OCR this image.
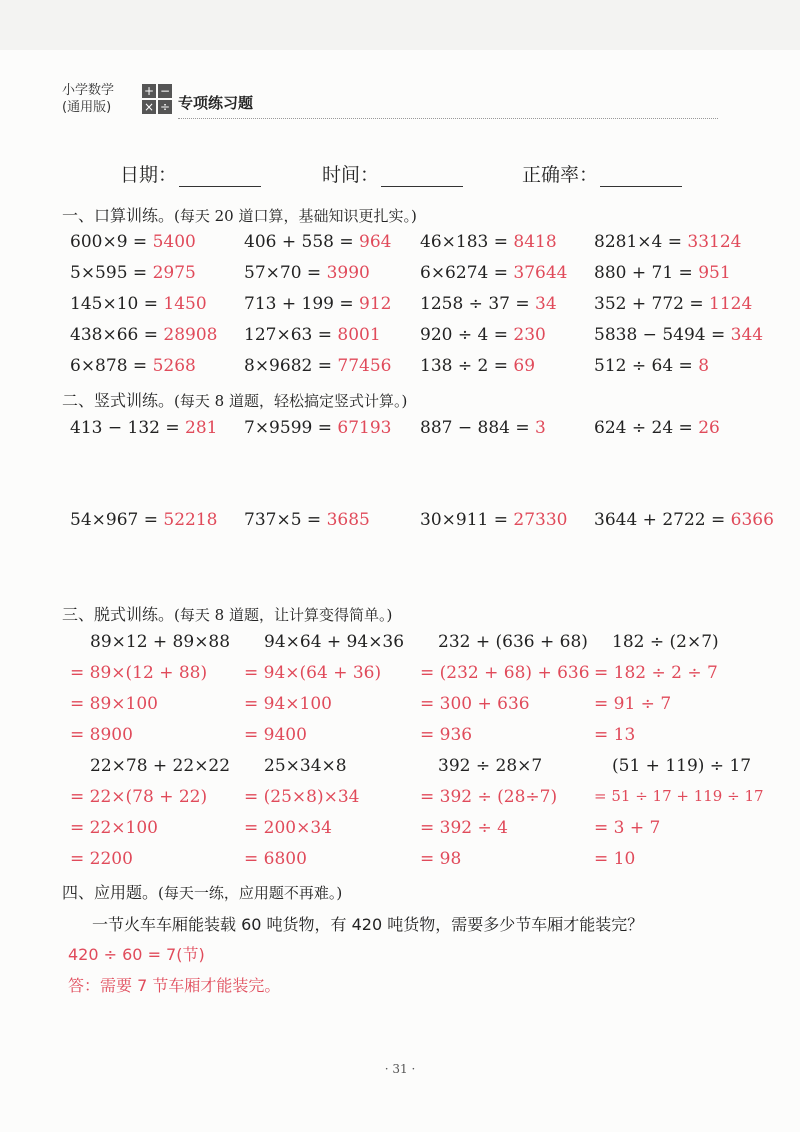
小学数学
(通用版)
+ −
× ÷ 专项练习题
日期：	时间：	正确率：
一、口算训练。(每天 20 道口算，基础知识更扎实。)
600×9 = 5400	406 + 558 = 964 46×183 = 8418 8281×4 = 33124
5×595 = 2975	57×70 = 3990	6×6274 = 37644 880 + 71 = 951
145×10 = 1450 713 + 199 = 912 1258 ÷ 37 = 34 352 + 772 = 1124
438×66 = 28908 127×63 = 8001 920 ÷ 4 = 230	5838 − 5494 = 344
6×878 = 5268	8×9682 = 77456 138 ÷ 2 = 69	512 ÷ 64 = 8
二、竖式训练。(每天 8 道题，轻松搞定竖式计算。)
413 − 132 = 281 7×9599 = 67193 887 − 884 = 3	624 ÷ 24 = 26
54×967 = 52218 737×5 = 3685	30×911 = 27330 3644 + 2722 = 6366
三、脱式训练。(每天 8 道题，让计算变得简单。)
89×12 + 89×88
= 89×(12 + 88)
= 89×100
= 8900
94×64 + 94×36
= 94×(64 + 36)
= 94×100
= 9400
232 + (636 + 68)
= (232 + 68) + 636
= 300 + 636
= 936
182 ÷ (2×7)
= 182 ÷ 2 ÷ 7
= 91 ÷ 7
= 13
22×78 + 22×22
= 22×(78 + 22)
= 22×100
= 2200
25×34×8
= (25×8)×34
= 200×34
= 6800
392 ÷ 28×7
= 392 ÷ (28÷7)
= 392 ÷ 4
= 98
(51 + 119) ÷ 17
= 51 ÷ 17 + 119 ÷ 17
= 3 + 7
= 10
四、应用题。(每天一练，应用题不再难。)
一节火车车厢能装载 60 吨货物，有 420 吨货物，需要多少节车厢才能装完？
420 ÷ 60 = 7(节)
答：需要 7 节车厢才能装完。
· 31 ·
